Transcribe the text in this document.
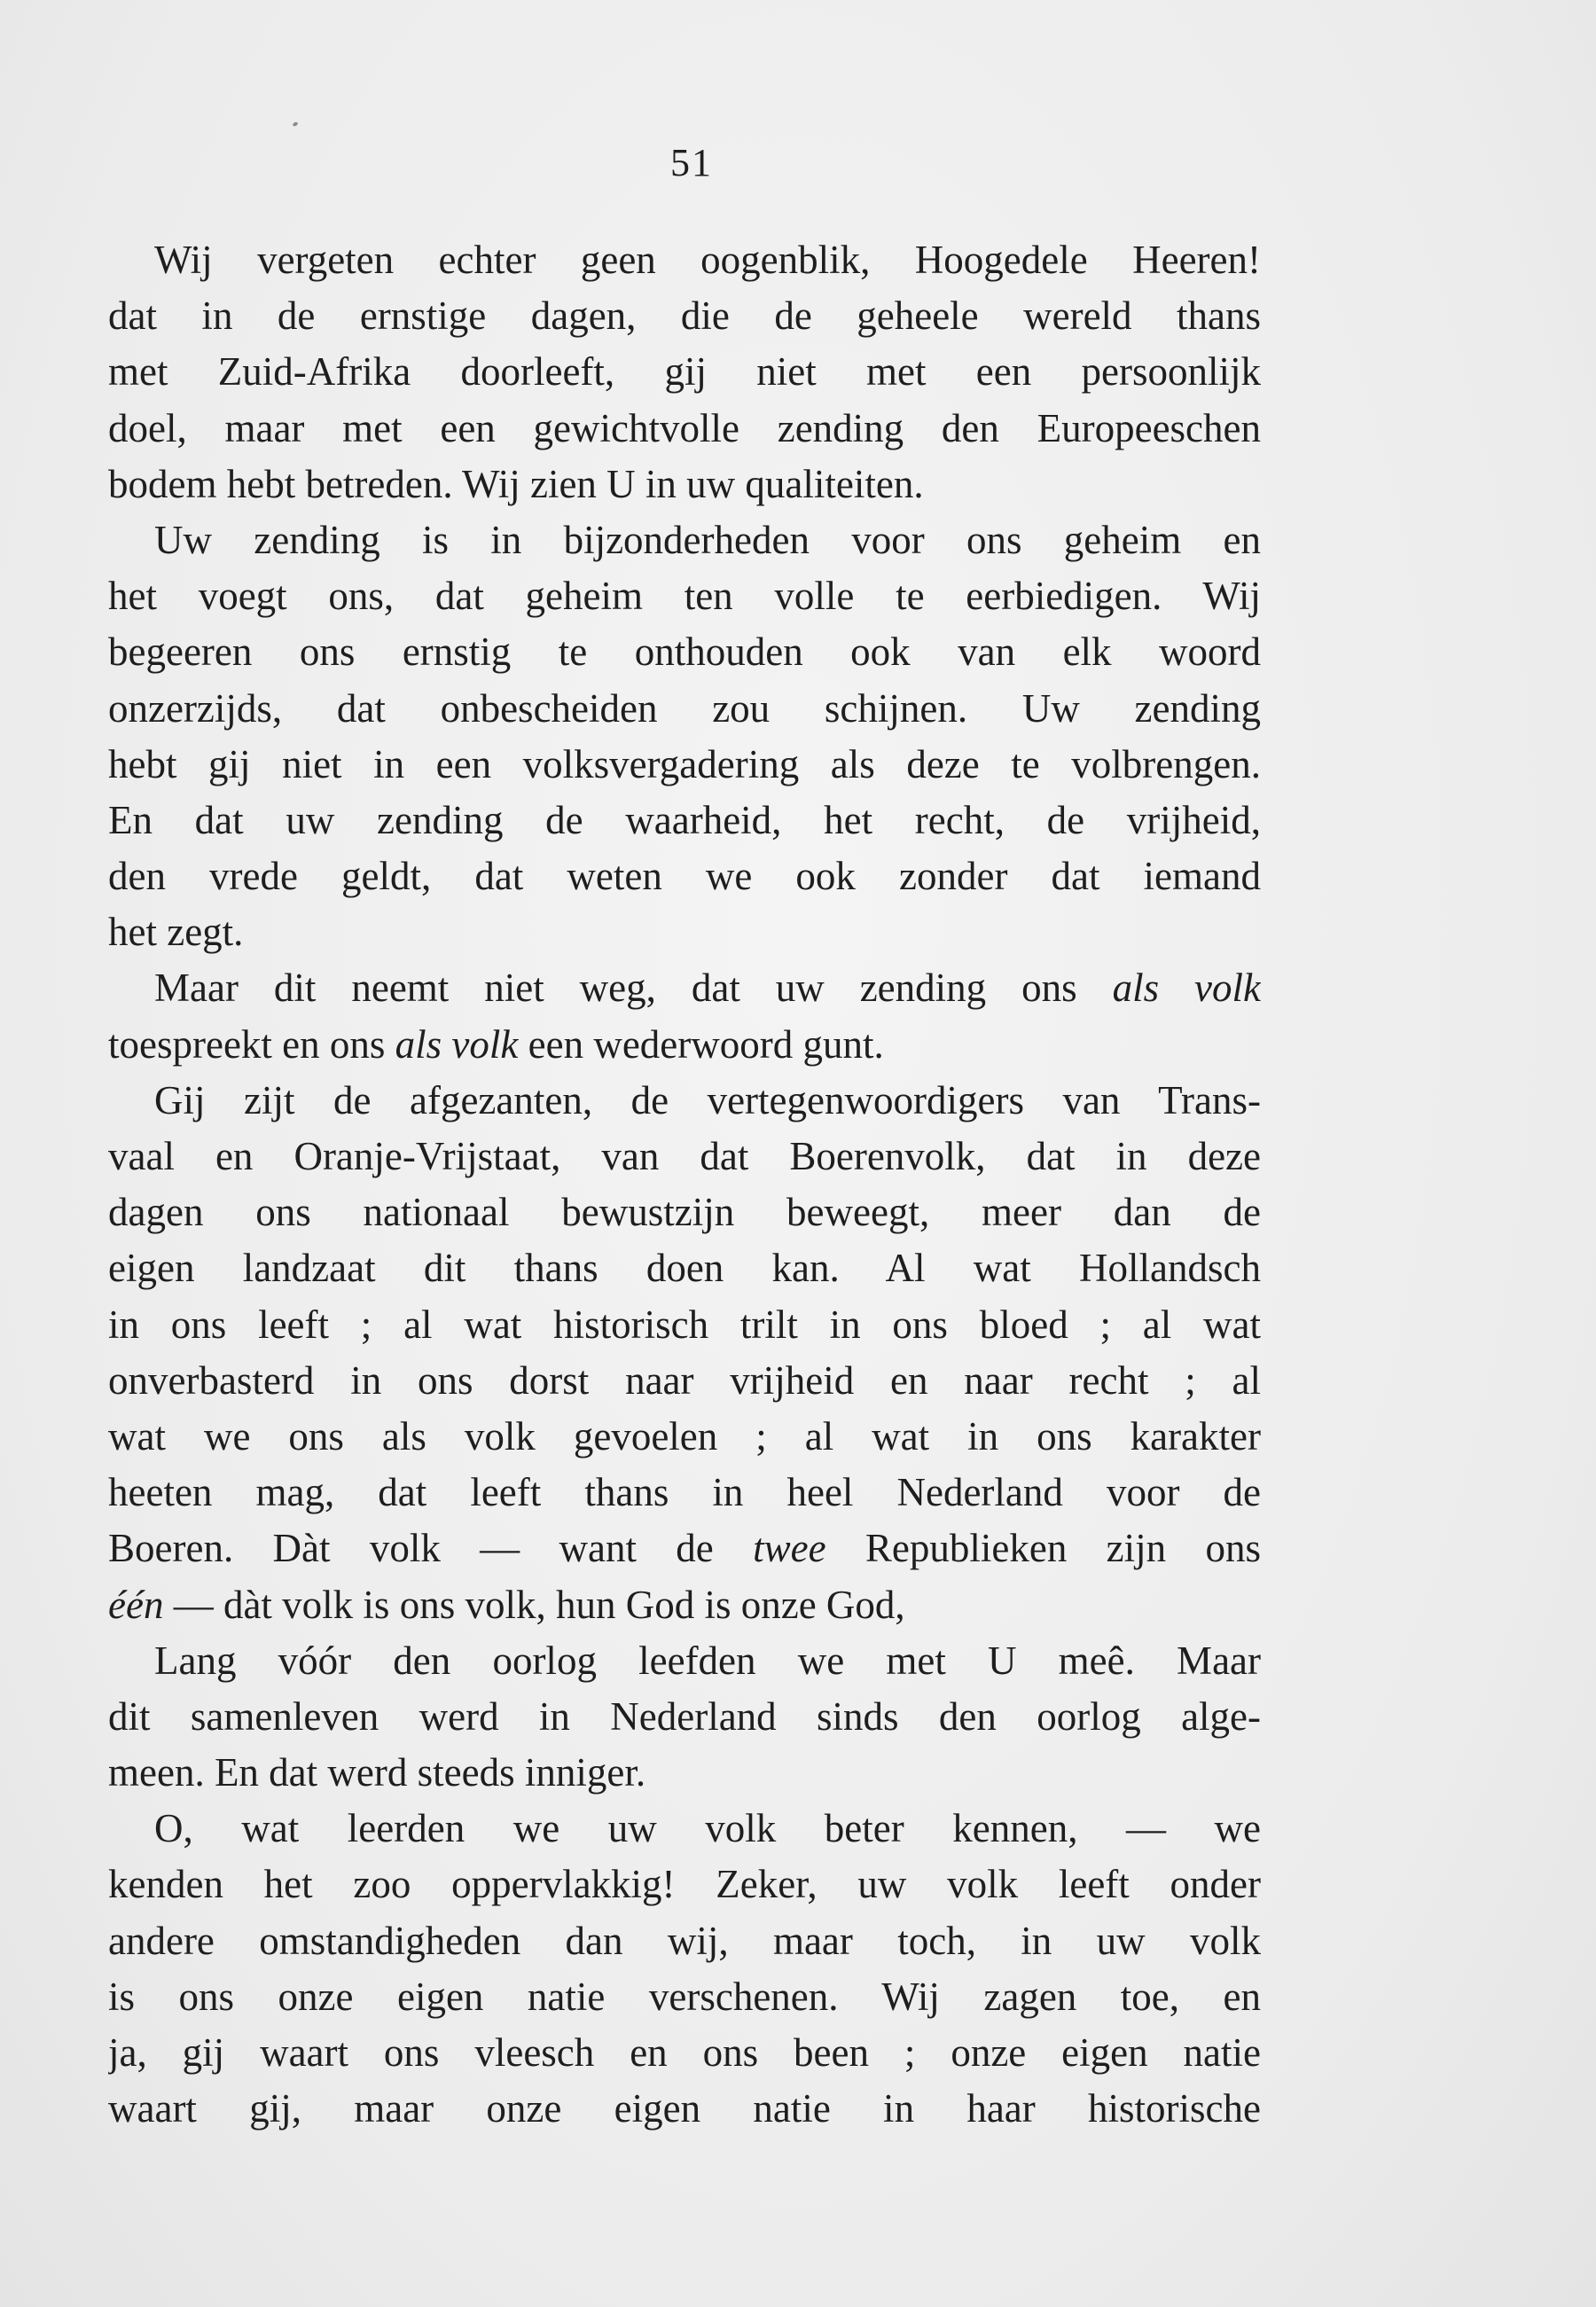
51
Wij vergeten echter geen oogenblik, Hoogedele Heeren!
dat in de ernstige dagen, die de geheele wereld thans
met Zuid-Afrika doorleeft, gij niet met een persoonlijk
doel, maar met een gewichtvolle zending den Europeeschen
bodem hebt betreden. Wij zien U in uw qualiteiten.
Uw zending is in bijzonderheden voor ons geheim en
het voegt ons, dat geheim ten volle te eerbiedigen. Wij
begeeren ons ernstig te onthouden ook van elk woord
onzerzijds, dat onbescheiden zou schijnen. Uw zending
hebt gij niet in een volksvergadering als deze te volbrengen.
En dat uw zending de waarheid, het recht, de vrijheid,
den vrede geldt, dat weten we ook zonder dat iemand
het zegt.
Maar dit neemt niet weg, dat uw zending ons als volk
toespreekt en ons als volk een wederwoord gunt.
Gij zijt de afgezanten, de vertegenwoordigers van Trans-
vaal en Oranje-Vrijstaat, van dat Boerenvolk, dat in deze
dagen ons nationaal bewustzijn beweegt, meer dan de
eigen landzaat dit thans doen kan. Al wat Hollandsch
in ons leeft ; al wat historisch trilt in ons bloed ; al wat
onverbasterd in ons dorst naar vrijheid en naar recht ; al
wat we ons als volk gevoelen ; al wat in ons karakter
heeten mag, dat leeft thans in heel Nederland voor de
Boeren. Dàt volk — want de twee Republieken zijn ons
één — dàt volk is ons volk, hun God is onze God,
Lang vóór den oorlog leefden we met U meê. Maar
dit samenleven werd in Nederland sinds den oorlog alge-
meen. En dat werd steeds inniger.
O, wat leerden we uw volk beter kennen, — we
kenden het zoo oppervlakkig! Zeker, uw volk leeft onder
andere omstandigheden dan wij, maar toch, in uw volk
is ons onze eigen natie verschenen. Wij zagen toe, en
ja, gij waart ons vleesch en ons been ; onze eigen natie
waart gij, maar onze eigen natie in haar historische
